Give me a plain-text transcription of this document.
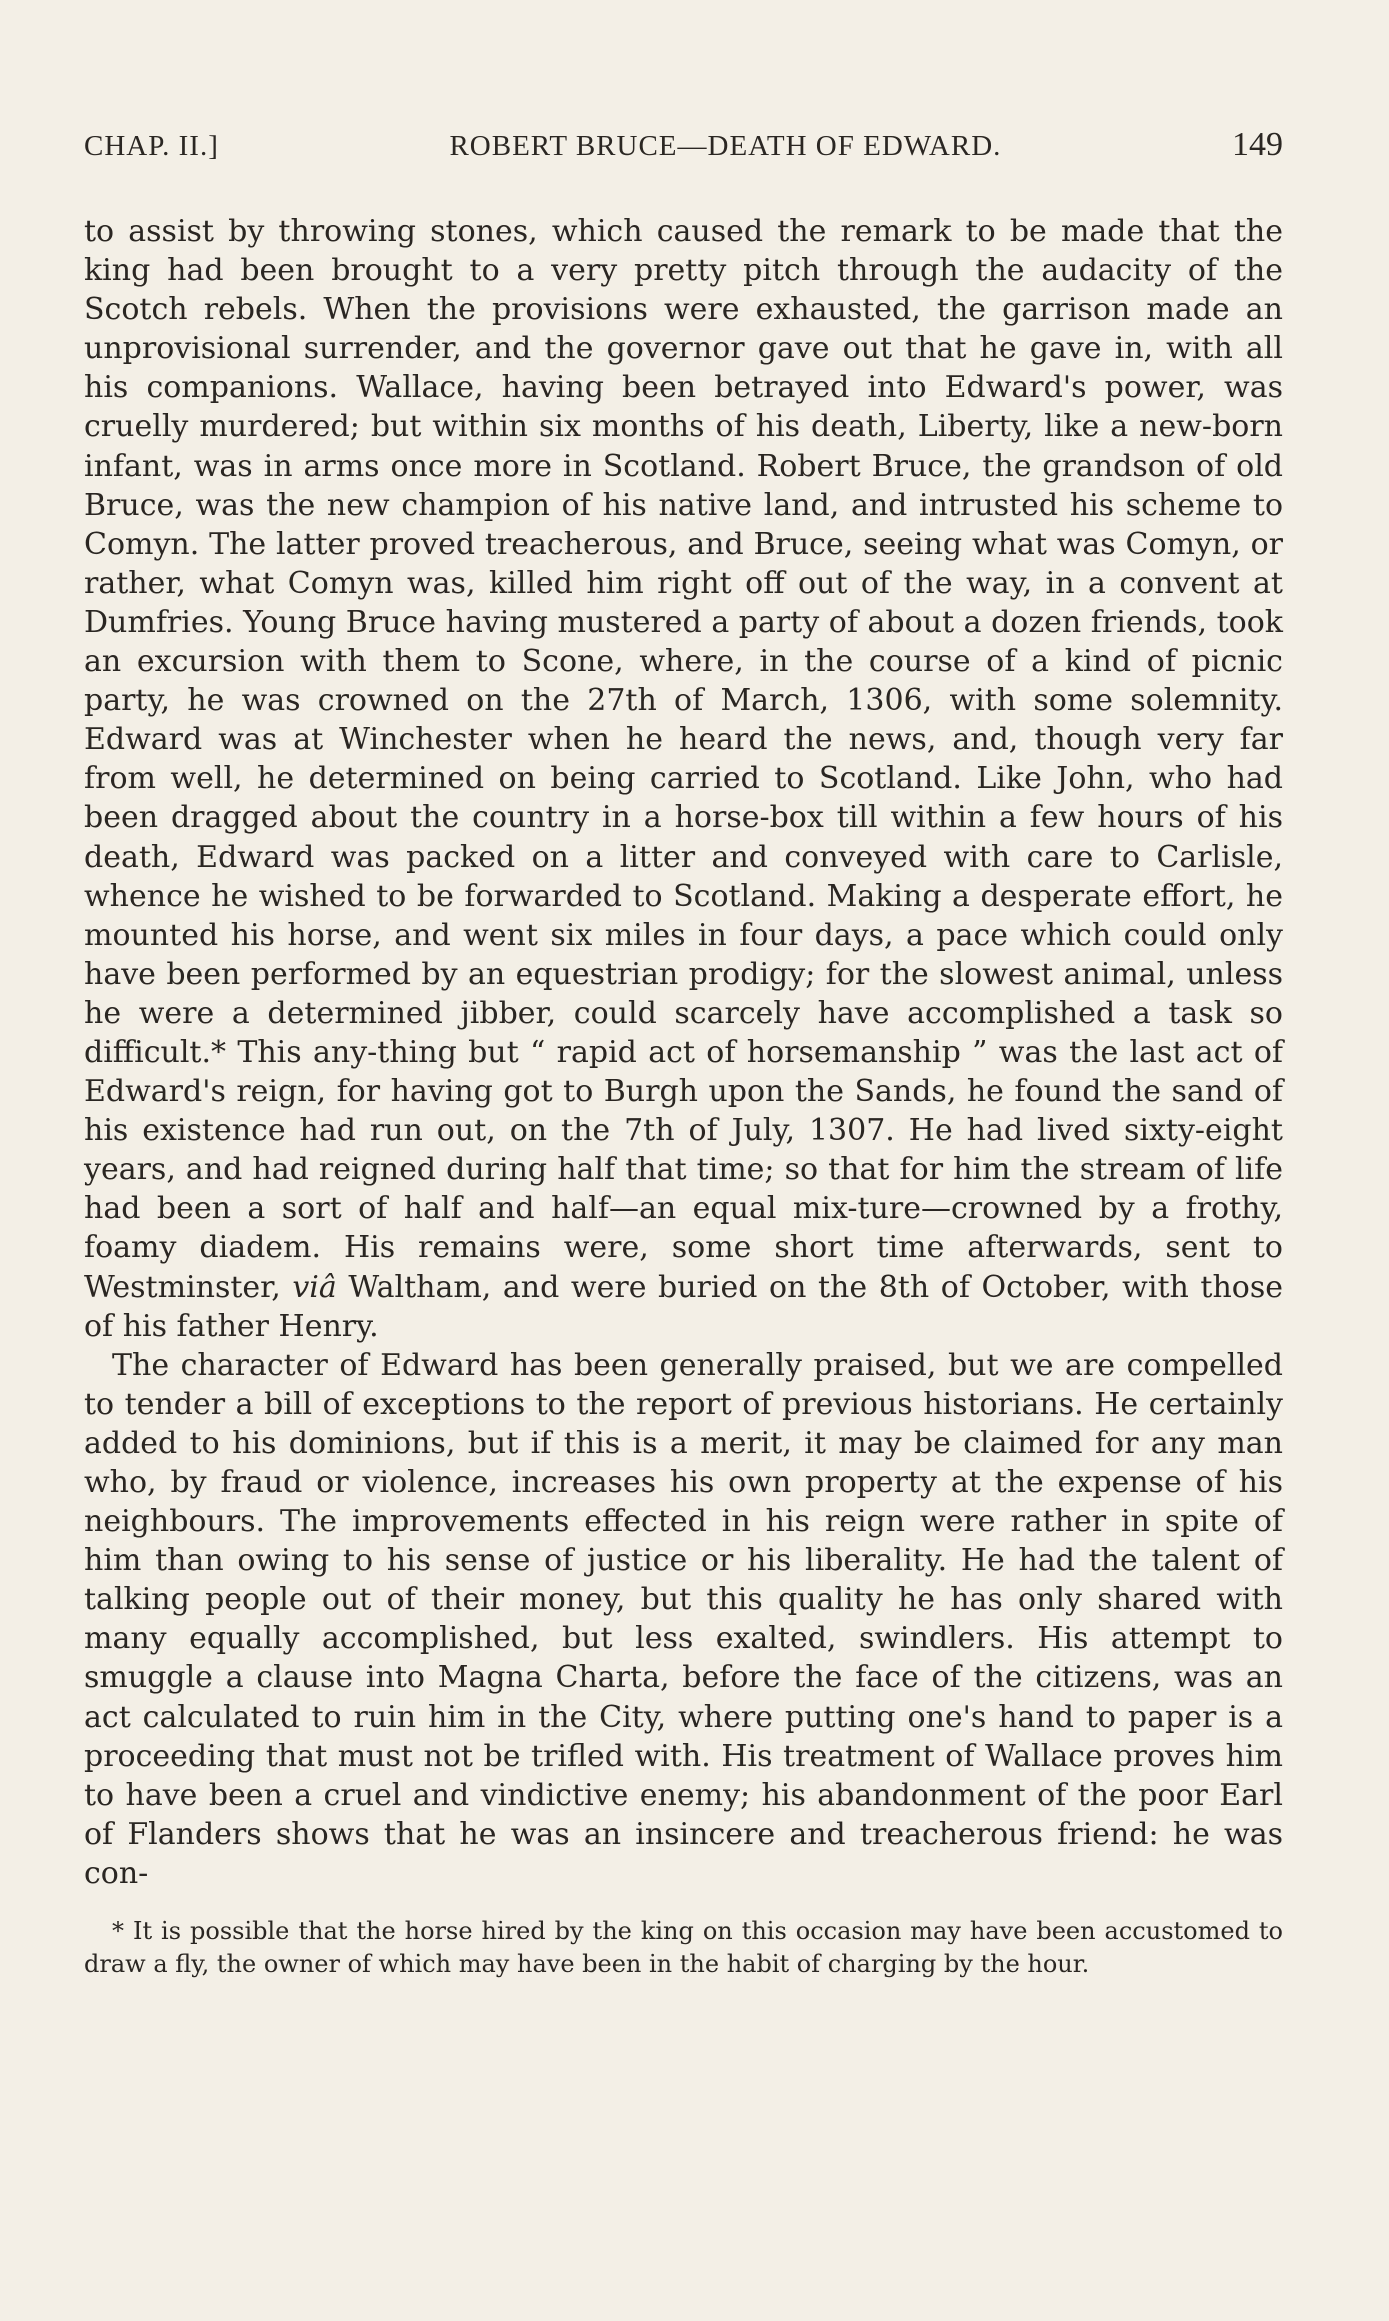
CHAP. II.]	ROBERT BRUCE—DEATH OF EDWARD.	149

to assist by throwing stones, which caused the remark to be made that the king had been brought to a very pretty pitch through the audacity of the Scotch rebels. When the provisions were exhausted, the garrison made an unprovisional surrender, and the governor gave out that he gave in, with all his companions. Wallace, having been betrayed into Edward's power, was cruelly murdered; but within six months of his death, Liberty, like a new-born infant, was in arms once more in Scotland. Robert Bruce, the grandson of old Bruce, was the new champion of his native land, and intrusted his scheme to Comyn. The latter proved treacherous, and Bruce, seeing what was Comyn, or rather, what Comyn was, killed him right off out of the way, in a convent at Dumfries. Young Bruce having mustered a party of about a dozen friends, took an excursion with them to Scone, where, in the course of a kind of picnic party, he was crowned on the 27th of March, 1306, with some solemnity. Edward was at Winchester when he heard the news, and, though very far from well, he determined on being carried to Scotland. Like John, who had been dragged about the country in a horse-box till within a few hours of his death, Edward was packed on a litter and conveyed with care to Carlisle, whence he wished to be forwarded to Scotland. Making a desperate effort, he mounted his horse, and went six miles in four days, a pace which could only have been performed by an equestrian prodigy; for the slowest animal, unless he were a determined jibber, could scarcely have accomplished a task so difficult.* This any-thing but “ rapid act of horsemanship ” was the last act of Edward's reign, for having got to Burgh upon the Sands, he found the sand of his existence had run out, on the 7th of July, 1307. He had lived sixty-eight years, and had reigned during half that time; so that for him the stream of life had been a sort of half and half—an equal mix-ture—crowned by a frothy, foamy diadem. His remains were, some short time afterwards, sent to Westminster, viâ Waltham, and were buried on the 8th of October, with those of his father Henry.

The character of Edward has been generally praised, but we are compelled to tender a bill of exceptions to the report of previous historians. He certainly added to his dominions, but if this is a merit, it may be claimed for any man who, by fraud or violence, increases his own property at the expense of his neighbours. The improvements effected in his reign were rather in spite of him than owing to his sense of justice or his liberality. He had the talent of talking people out of their money, but this quality he has only shared with many equally accomplished, but less exalted, swindlers. His attempt to smuggle a clause into Magna Charta, before the face of the citizens, was an act calculated to ruin him in the City, where putting one's hand to paper is a proceeding that must not be trifled with. His treatment of Wallace proves him to have been a cruel and vindictive enemy; his abandonment of the poor Earl of Flanders shows that he was an insincere and treacherous friend: he was con-

* It is possible that the horse hired by the king on this occasion may have been accustomed to draw a fly, the owner of which may have been in the habit of charging by the hour.
